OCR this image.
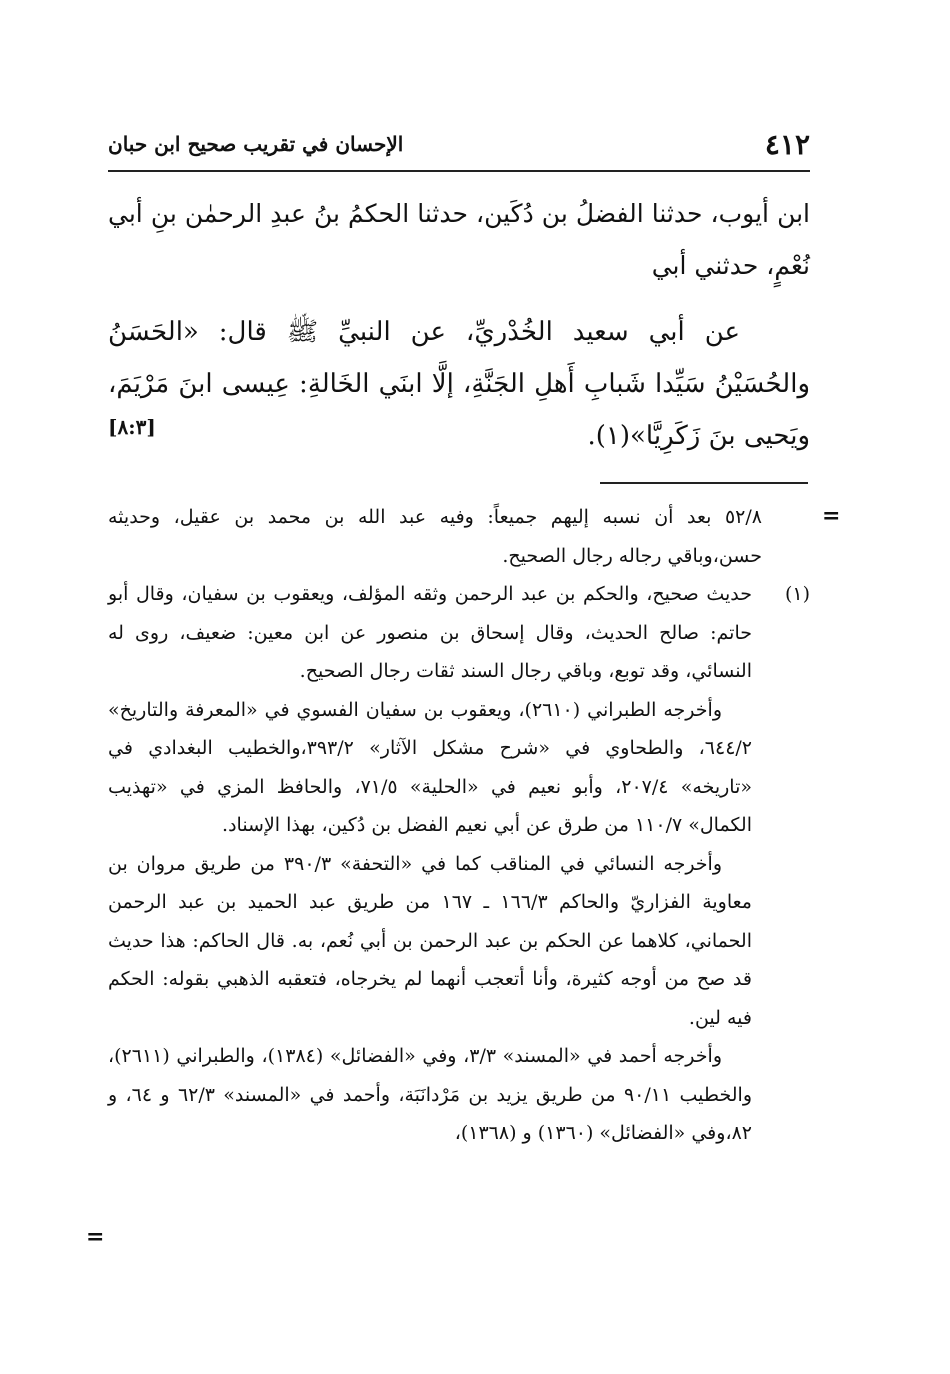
٤١٢
الإحسان في تقريب صحيح ابن حبان

ابن أيوب، حدثنا الفضلُ بن دُكَين، حدثنا الحكمُ بنُ عبدِ الرحمٰن بنِ أبي نُعْمٍ، حدثني أبي

عن أبي سعيد الخُدْريِّ، عن النبيِّ ﷺ قال: «الحَسَنُ والحُسَيْنُ سَيِّدا شَبابِ أَهلِ الجَنَّةِ، إلَّا ابنَي الخَالةِ: عِيسى ابنَ مَرْيَمَ، ويَحيى بنَ زَكَرِيَّا»(١).

[٨:٣]
=

٥٢/٨ بعد أن نسبه إليهم جميعاً: وفيه عبد الله بن محمد بن عقيل، وحديثه حسن،وباقي رجاله رجال الصحيح.

(١)

حديث صحيح، والحكم بن عبد الرحمن وثقه المؤلف، ويعقوب بن سفيان، وقال أبو حاتم: صالح الحديث، وقال إسحاق بن منصور عن ابن معين: ضعيف، روى له النسائي، وقد توبع، وباقي رجال السند ثقات رجال الصحيح.

وأخرجه الطبراني (٢٦١٠)، ويعقوب بن سفيان الفسوي في «المعرفة والتاريخ» ٦٤٤/٢، والطحاوي في «شرح مشكل الآثار» ٣٩٣/٢،والخطيب البغدادي في «تاريخه» ٢٠٧/٤، وأبو نعيم في «الحلية» ٧١/٥، والحافظ المزي في «تهذيب الكمال» ١١٠/٧ من طرق عن أبي نعيم الفضل بن دُكين، بهذا الإسناد.

وأخرجه النسائي في المناقب كما في «التحفة» ٣٩٠/٣ من طريق مروان بن معاوية الفزاريّ والحاكم ١٦٦/٣ ـ ١٦٧ من طريق عبد الحميد بن عبد الرحمن الحماني، كلاهما عن الحكم بن عبد الرحمن بن أبي نُعم، به. قال الحاكم: هذا حديث قد صح من أوجه كثيرة، وأنا أتعجب أنهما لم يخرجاه، فتعقبه الذهبي بقوله: الحكم فيه لين.

وأخرجه أحمد في «المسند» ٣/٣، وفي «الفضائل» (١٣٨٤)، والطبراني (٢٦١١)، والخطيب ٩٠/١١ من طريق يزيد بن مَرْدانَبَة، وأحمد في «المسند» ٦٢/٣ و ٦٤، و ٨٢،وفي «الفضائل» (١٣٦٠) و (١٣٦٨)،

=
